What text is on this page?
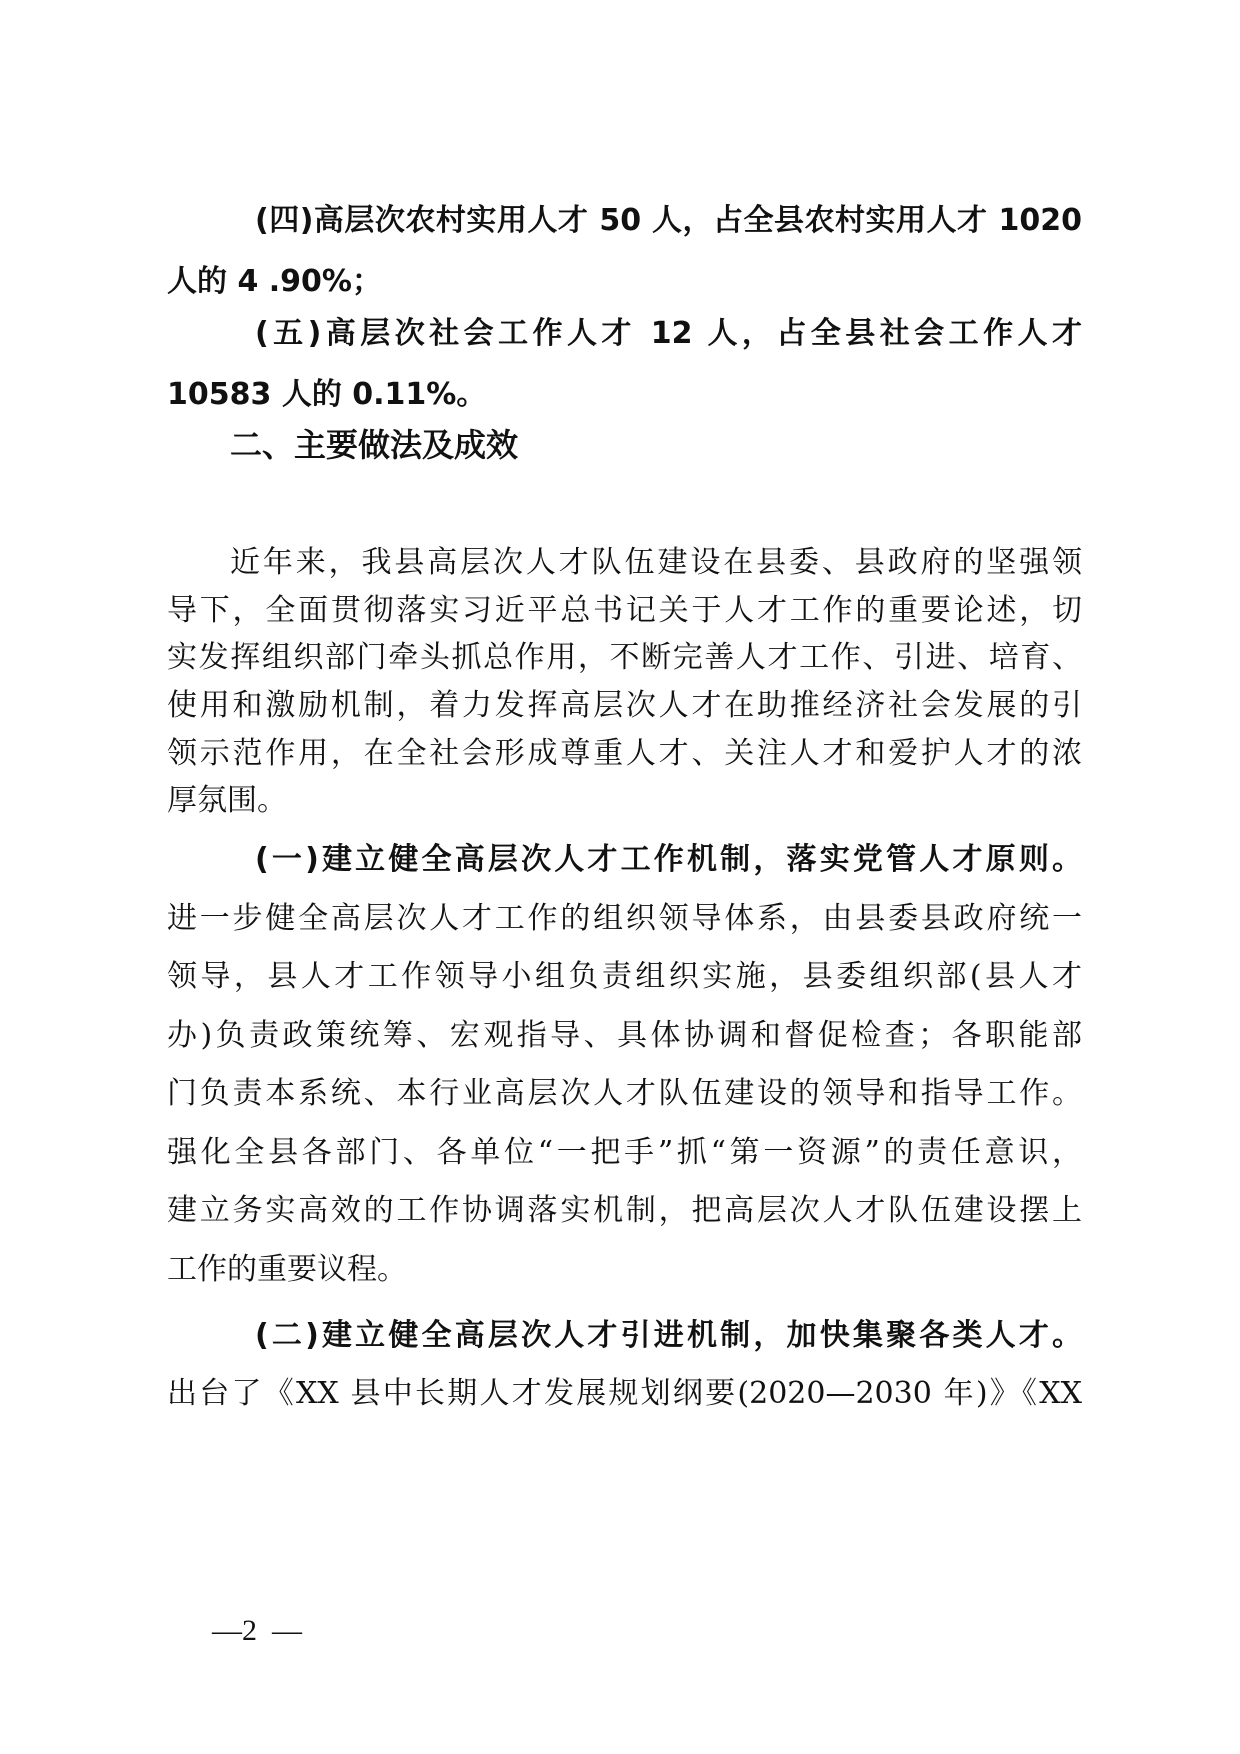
(四)高层次农村实用人才 50 人，占全县农村实用人才 1020
人的 4 .90%；
(五)高层次社会工作人才 12 人，占全县社会工作人才
10583 人的 0.11%。
二、主要做法及成效
近年来，我县高层次人才队伍建设在县委、县政府的坚强领
导下，全面贯彻落实习近平总书记关于人才工作的重要论述，切
实发挥组织部门牵头抓总作用，不断完善人才工作、引进、培育、
使用和激励机制，着力发挥高层次人才在助推经济社会发展的引
领示范作用，在全社会形成尊重人才、关注人才和爱护人才的浓
厚氛围。
(一)建立健全高层次人才工作机制，落实党管人才原则。
进一步健全高层次人才工作的组织领导体系，由县委县政府统一
领导，县人才工作领导小组负责组织实施，县委组织部(县人才
办)负责政策统筹、宏观指导、具体协调和督促检查；各职能部
门负责本系统、本行业高层次人才队伍建设的领导和指导工作。
强化全县各部门、各单位“一把手”抓“第一资源”的责任意识，
建立务实高效的工作协调落实机制，把高层次人才队伍建设摆上
工作的重要议程。
(二)建立健全高层次人才引进机制，加快集聚各类人才。
出台了《XX 县中长期人才发展规划纲要(2020—2030 年)》《XX
—2  —
